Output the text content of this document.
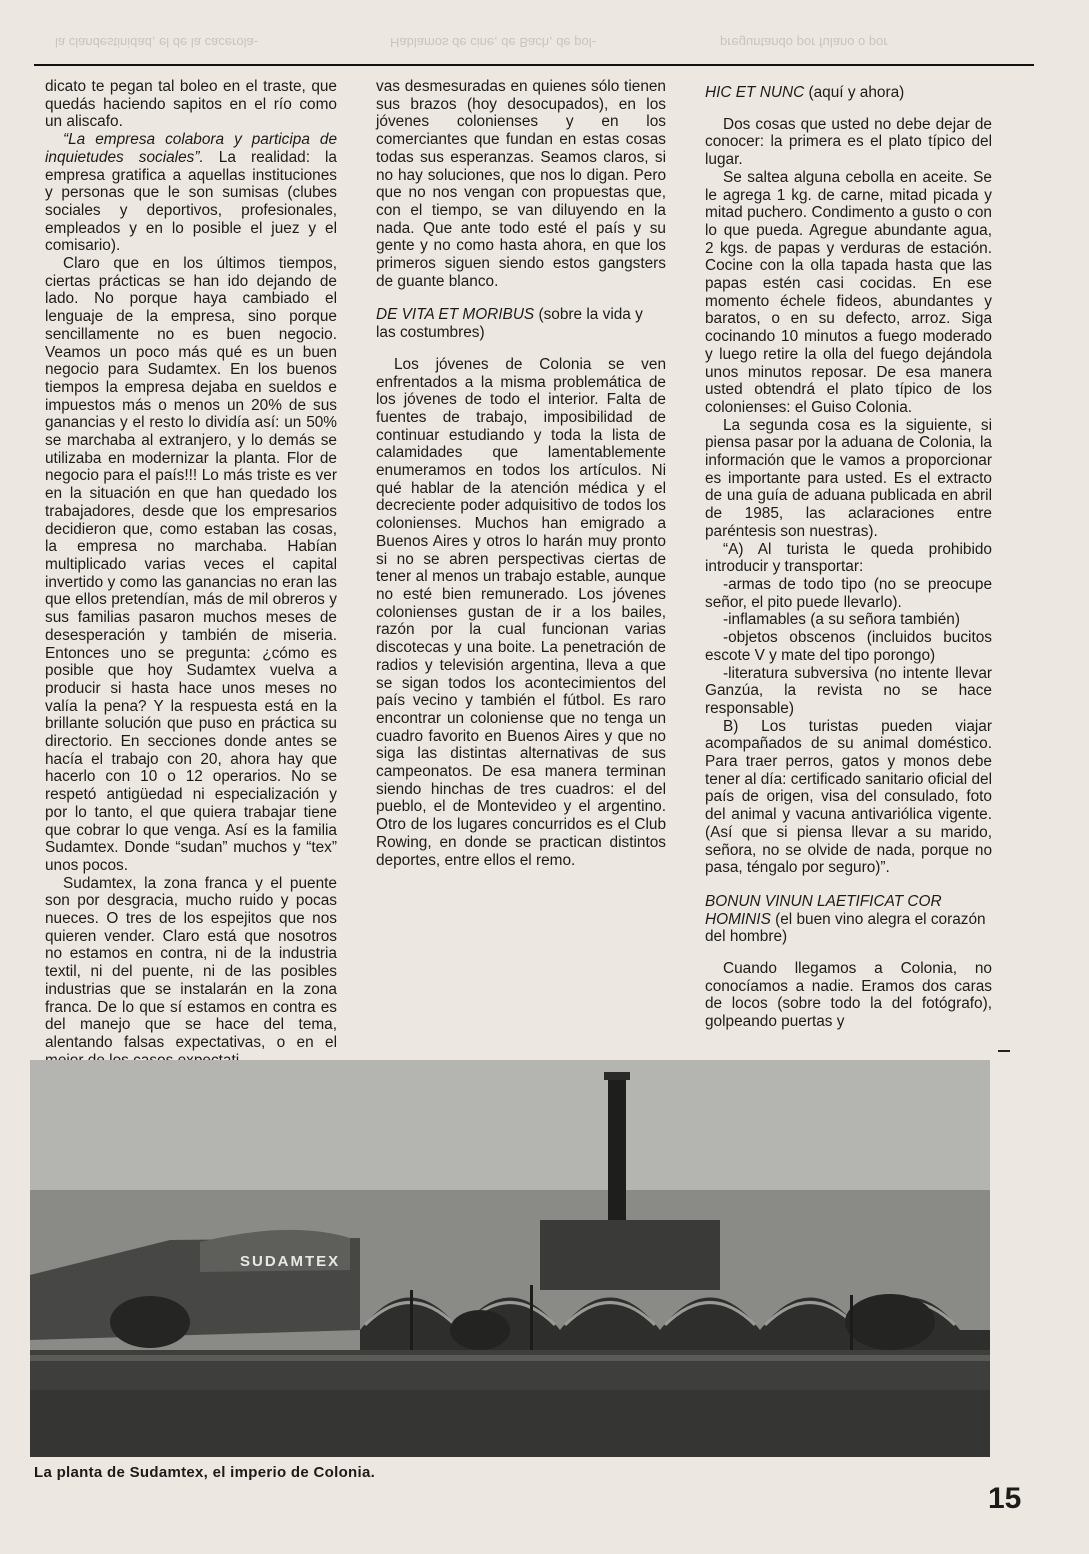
preguntando por fulano o por
Hablamos de cine, de Bach, de pol-
la clandestinidad, el de la cacerola-

dicato te pegan tal boleo en el traste, que quedás haciendo sapitos en el río como un aliscafo.

“La empresa colabora y participa de inquietudes sociales”. La realidad: la empresa gratifica a aquellas instituciones y personas que le son sumisas (clubes sociales y deportivos, profesionales, empleados y en lo posible el juez y el comisario).

Claro que en los últimos tiempos, ciertas prácticas se han ido dejando de lado. No porque haya cambiado el lenguaje de la empresa, sino porque sencillamente no es buen negocio. Veamos un poco más qué es un buen negocio para Sudamtex. En los buenos tiempos la empresa dejaba en sueldos e impuestos más o menos un 20% de sus ganancias y el resto lo dividía así: un 50% se marchaba al extranjero, y lo demás se utilizaba en modernizar la planta. Flor de negocio para el país!!! Lo más triste es ver en la situación en que han quedado los trabajadores, desde que los empresarios decidieron que, como estaban las cosas, la empresa no marchaba. Habían multiplicado varias veces el capital invertido y como las ganancias no eran las que ellos pretendían, más de mil obreros y sus familias pasaron muchos meses de desesperación y también de miseria. Entonces uno se pregunta: ¿cómo es posible que hoy Sudamtex vuelva a producir si hasta hace unos meses no valía la pena? Y la respuesta está en la brillante solución que puso en práctica su directorio. En secciones donde antes se hacía el trabajo con 20, ahora hay que hacerlo con 10 o 12 operarios. No se respetó antigüedad ni especialización y por lo tanto, el que quiera trabajar tiene que cobrar lo que venga. Así es la familia Sudamtex. Donde “sudan” muchos y “tex” unos pocos.

Sudamtex, la zona franca y el puente son por desgracia, mucho ruido y pocas nueces. O tres de los espejitos que nos quieren vender. Claro está que nosotros no estamos en contra, ni de la industria textil, ni del puente, ni de las posibles industrias que se instalarán en la zona franca. De lo que sí estamos en contra es del manejo que se hace del tema, alentando falsas expectativas, o en el

vas desmesuradas en quienes sólo tienen sus brazos (hoy desocupados), en los jóvenes colonienses y en los comerciantes que fundan en estas cosas todas sus esperanzas. Seamos claros, si no hay soluciones, que nos lo digan. Pero que no nos vengan con propuestas que, con el tiempo, se van diluyendo en la nada. Que ante todo esté el país y su gente y no como hasta ahora, en que los primeros siguen siendo estos gangsters de guante blanco.

DE VITA ET MORIBUS (sobre la vida y las costumbres)

Los jóvenes de Colonia se ven enfrentados a la misma problemática de los jóvenes de todo el interior. Falta de fuentes de trabajo, imposibilidad de continuar estudiando y toda la lista de calamidades que lamentablemente enumeramos en todos los artículos. Ni qué hablar de la atención médica y el decreciente poder adquisitivo de todos los colonienses. Muchos han emigrado a Buenos Aires y otros lo harán muy pronto si no se abren perspectivas ciertas de tener al menos un trabajo estable, aunque no esté bien remunerado. Los jóvenes colonienses gustan de ir a los bailes, razón por la cual funcionan varias discotecas y una boite. La penetración de radios y televisión argentina, lleva a que se sigan todos los acontecimientos del país vecino y también el fútbol. Es raro encontrar un coloniense que no tenga un cuadro favorito en Buenos Aires y que no siga las distintas alternativas de sus campeonatos. De esa manera terminan siendo hinchas de tres cuadros: el del pueblo, el de Montevideo y el argentino. Otro de los lugares concurridos es el Club Rowing, en donde se practican distintos deportes, entre ellos el remo.

HIC ET NUNC (aquí y ahora)

Dos cosas que usted no debe dejar de conocer: la primera es el plato típico del lugar.

Se saltea alguna cebolla en aceite. Se le agrega 1 kg. de carne, mitad picada y mitad puchero. Condimento a gusto o con lo que pueda. Agregue abundante agua, 2 kgs. de papas y verduras de estación. Cocine con la olla tapada hasta que las papas estén casi cocidas. En ese momento échele fideos, abundantes y baratos, o en su defecto, arroz. Siga cocinando 10 minutos a fuego moderado y luego retire la olla del fuego dejándola unos minutos reposar. De esa manera usted obtendrá el plato típico de los colonienses: el Guiso Colonia.

La segunda cosa es la siguiente, si piensa pasar por la aduana de Colonia, la información que le vamos a proporcionar es importante para usted. Es el extracto de una guía de aduana publicada en abril de 1985, las aclaraciones entre paréntesis son nuestras).

“A) Al turista le queda prohibido introducir y transportar:

-armas de todo tipo (no se preocupe señor, el pito puede llevarlo).

-inflamables (a su señora también)

-objetos obscenos (incluidos bucitos escote V y mate del tipo porongo)

-literatura subversiva (no intente llevar Ganzúa, la revista no se hace responsable)

B) Los turistas pueden viajar acompañados de su animal doméstico. Para traer perros, gatos y monos debe tener al día: certificado sanitario oficial del país de origen, visa del consulado, foto del animal y vacuna antivariólica vigente. (Así que si piensa llevar a su marido, señora, no se olvide de nada, porque no pasa, téngalo por seguro)”.

BONUN VINUN LAETIFICAT COR HOMINIS (el buen vino alegra el corazón del hombre)

Cuando llegamos a Colonia, no conocíamos a nadie. Eramos dos caras de locos (sobre todo la del fotógrafo), golpeando puertas y

SUDAMTEX
La planta de Sudamtex, el imperio de Colonia.
15
